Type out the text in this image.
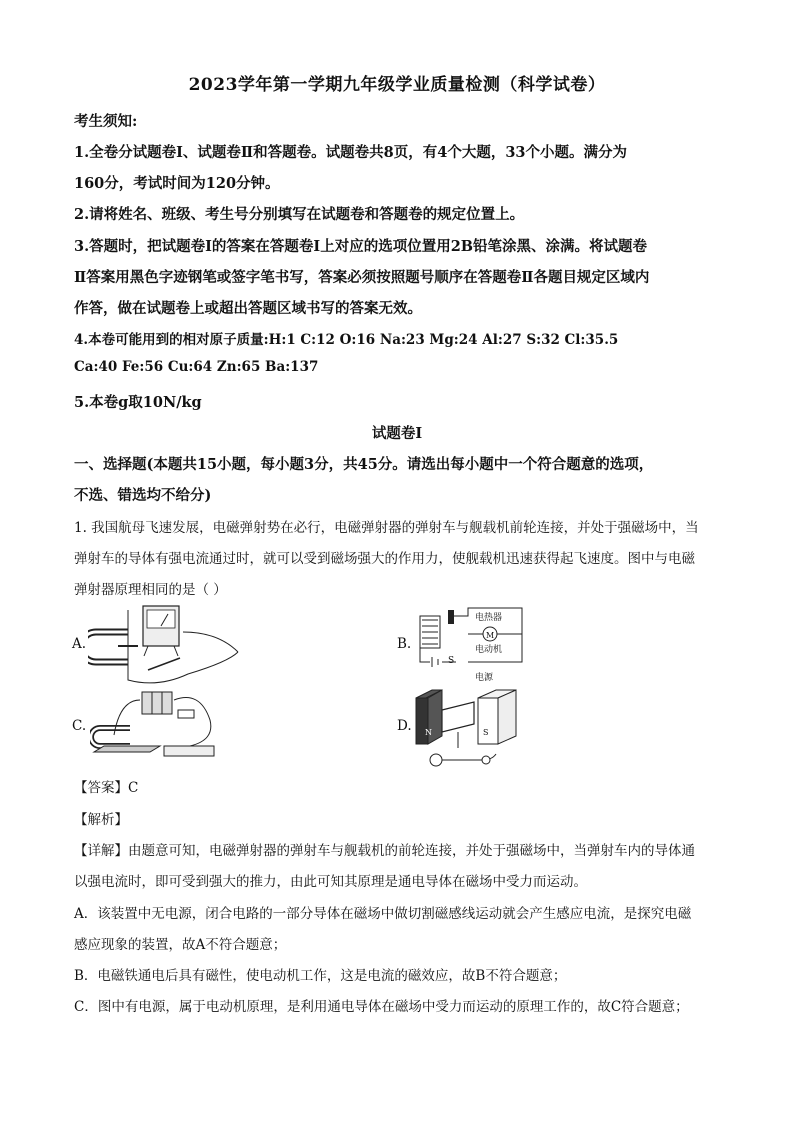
2023学年第一学期九年级学业质量检测（科学试卷）
考生须知:
1.全卷分试题卷Ⅰ、试题卷Ⅱ和答题卷。试题卷共8页，有4个大题，33个小题。满分为
160分，考试时间为120分钟。
2.请将姓名、班级、考生号分别填写在试题卷和答题卷的规定位置上。
3.答题时，把试题卷Ⅰ的答案在答题卷Ⅰ上对应的选项位置用2B铅笔涂黑、涂满。将试题卷
Ⅱ答案用黑色字迹钢笔或签字笔书写，答案必须按照题号顺序在答题卷Ⅱ各题目规定区域内
作答，做在试题卷上或超出答题区域书写的答案无效。
4.本卷可能用到的相对原子质量:H:1 C:12 O:16 Na:23 Mg:24 Al:27 S:32 Cl:35.5
Ca:40 Fe:56 Cu:64 Zn:65 Ba:137
5.本卷g取10N/kg
试题卷Ⅰ
一、选择题(本题共15小题，每小题3分，共45分。请选出每小题中一个符合题意的选项，
不选、错选均不给分)
1. 我国航母飞速发展，电磁弹射势在必行，电磁弹射器的弹射车与舰载机前轮连接，并处于强磁场中，当
弹射车的导体有强电流通过时，就可以受到磁场强大的作用力，使舰载机迅速获得起飞速度。图中与电磁
弹射器原理相同的是（ ）
A.	B.
电热器
M
电动机
S
电源
C.	D. N	S
【答案】C
【解析】
【详解】由题意可知，电磁弹射器的弹射车与舰载机的前轮连接，并处于强磁场中，当弹射车内的导体通
以强电流时，即可受到强大的推力，由此可知其原理是通电导体在磁场中受力而运动。
A．该装置中无电源，闭合电路的一部分导体在磁场中做切割磁感线运动就会产生感应电流，是探究电磁
感应现象的装置，故A不符合题意；
B．电磁铁通电后具有磁性，使电动机工作，这是电流的磁效应，故B不符合题意；
C．图中有电源，属于电动机原理，是利用通电导体在磁场中受力而运动的原理工作的，故C符合题意；
